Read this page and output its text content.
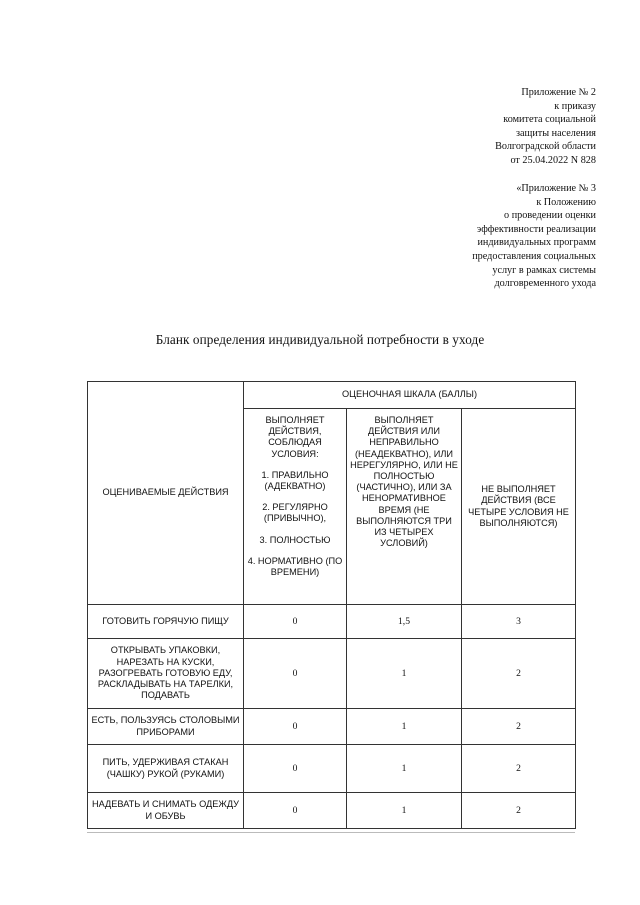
Приложение № 2
к приказу
комитета социальной
защиты населения
Волгоградской области
от 25.04.2022 N 828
«Приложение № 3
к Положению
о проведении оценки
эффективности реализации
индивидуальных программ
предоставления социальных
услуг в рамках системы
долговременного ухода
Бланк определения индивидуальной потребности в уходе
ОЦЕНИВАЕМЫЕ ДЕЙСТВИЯ	ОЦЕНОЧНАЯ ШКАЛА (БАЛЛЫ)		

	ВЫПОЛНЯЕТ ДЕЙСТВИЯ, СОБЛЮДАЯ УСЛОВИЯ:
1. ПРАВИЛЬНО (АДЕКВАТНО)
2. РЕГУЛЯРНО (ПРИВЫЧНО),
3. ПОЛНОСТЬЮ
4. НОРМАТИВНО (ПО ВРЕМЕНИ)	ВЫПОЛНЯЕТ ДЕЙСТВИЯ ИЛИ НЕПРАВИЛЬНО (НЕАДЕКВАТНО), ИЛИ НЕРЕГУЛЯРНО, ИЛИ НЕ ПОЛНОСТЬЮ (ЧАСТИЧНО), ИЛИ ЗА НЕНОРМАТИВНОЕ ВРЕМЯ (НЕ ВЫПОЛНЯЮТСЯ ТРИ ИЗ ЧЕТЫРЕХ УСЛОВИЙ)	НЕ ВЫПОЛНЯЕТ ДЕЙСТВИЯ (ВСЕ ЧЕТЫРЕ УСЛОВИЯ НЕ ВЫПОЛНЯЮТСЯ)
ГОТОВИТЬ ГОРЯЧУЮ ПИЩУ	0	1,5	3
ОТКРЫВАТЬ УПАКОВКИ, НАРЕЗАТЬ НА КУСКИ, РАЗОГРЕВАТЬ ГОТОВУЮ ЕДУ, РАСКЛАДЫВАТЬ НА ТАРЕЛКИ, ПОДАВАТЬ	0	1	2
ЕСТЬ, ПОЛЬЗУЯСЬ СТОЛОВЫМИ ПРИБОРАМИ	0	1	2
ПИТЬ, УДЕРЖИВАЯ СТАКАН (ЧАШКУ) РУКОЙ (РУКАМИ)	0	1	2
НАДЕВАТЬ И СНИМАТЬ ОДЕЖДУ И ОБУВЬ	0	1	2
